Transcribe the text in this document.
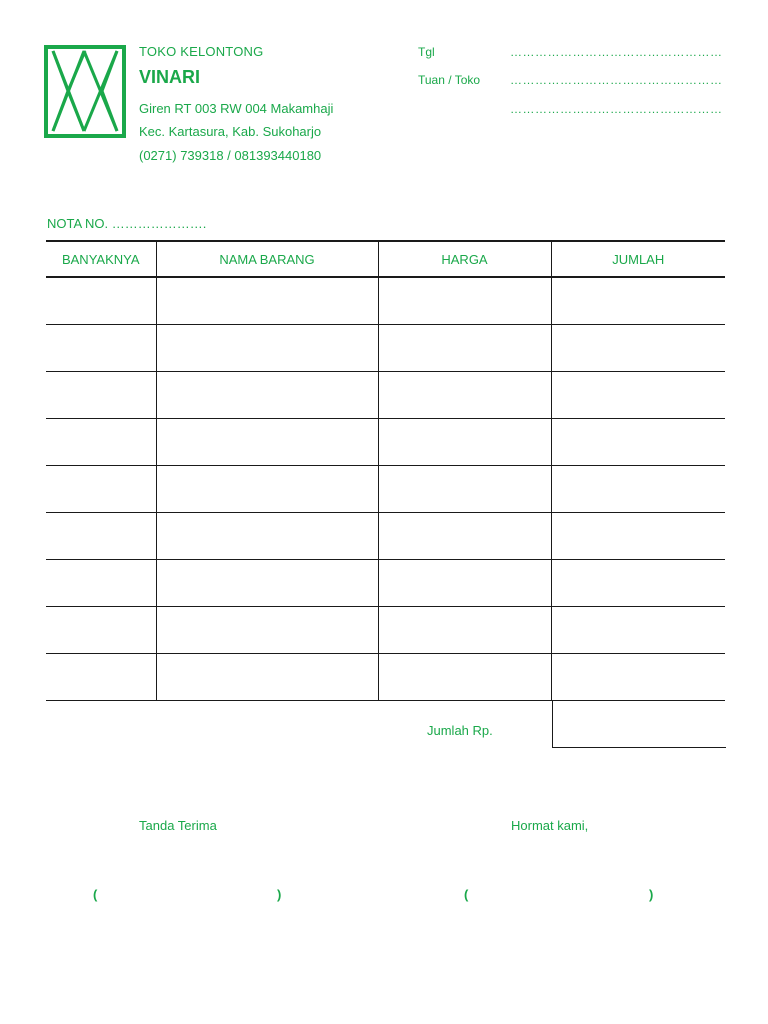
TOKO KELONTONG
VINARI
Giren RT 003 RW 004 Makamhaji
Kec. Kartasura, Kab. Sukoharjo
(0271) 739318 / 081393440180
Tgl	……………………………………………
Tuan / Toko ……………………………………………
……………………………………………
NOTA NO. ………………….
BANYAKNYA	NAMA BARANG	HARGA	JUMLAH

Jumlah Rp.
Tanda Terima	Hormat kami,
(	)	(	)
